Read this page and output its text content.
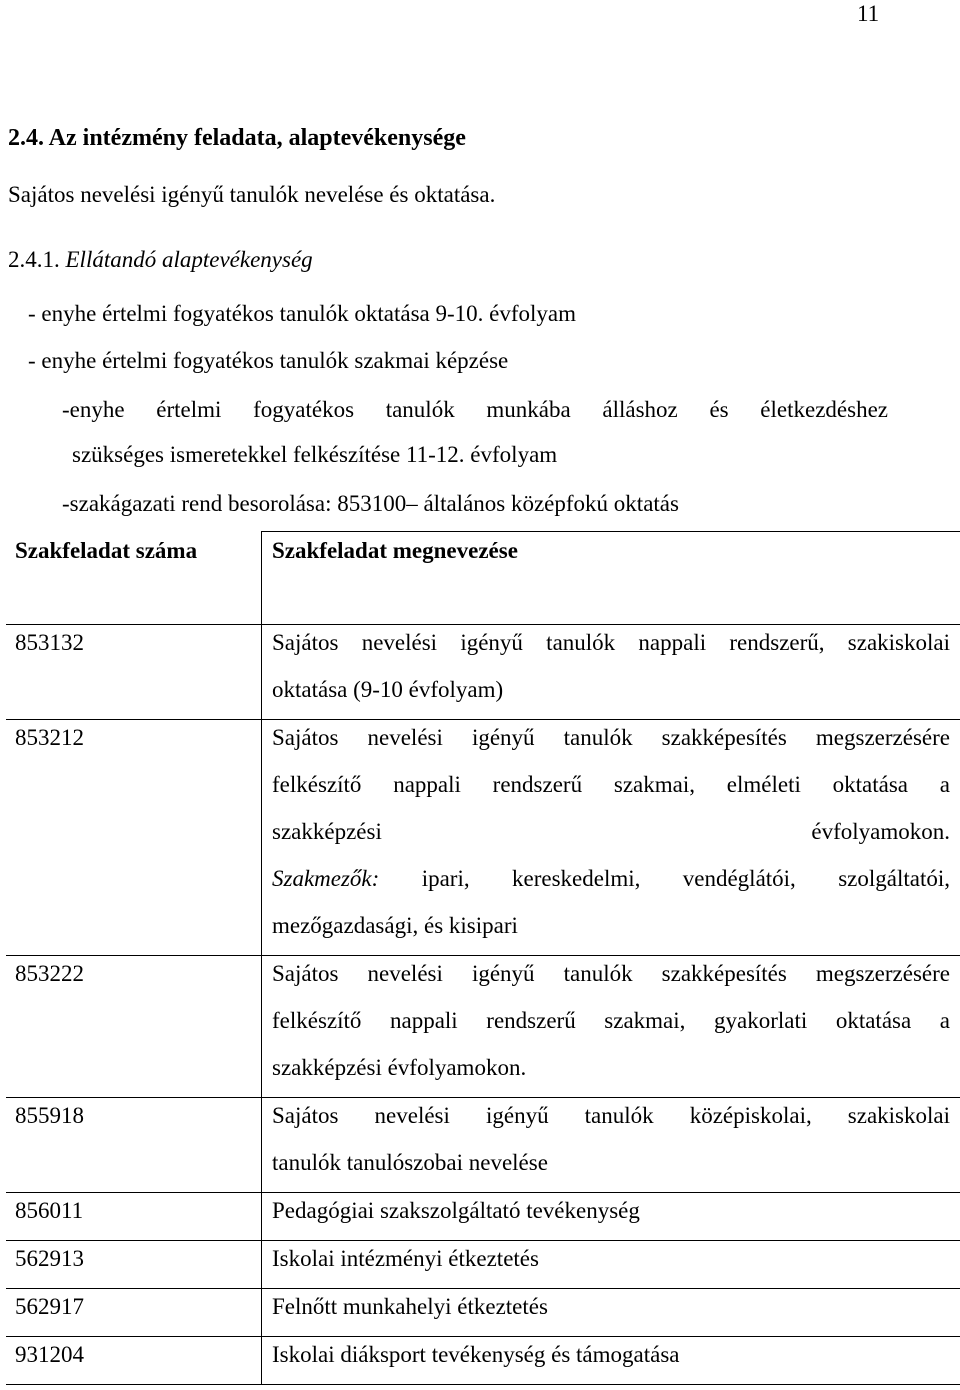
11
2.4. Az intézmény feladata, alaptevékenysége
Sajátos nevelési igényű tanulók nevelése és oktatása.
2.4.1. Ellátandó alaptevékenység
- enyhe értelmi fogyatékos tanulók oktatása 9-10. évfolyam
- enyhe értelmi fogyatékos tanulók szakmai képzése
-enyhe értelmi fogyatékos tanulók munkába álláshoz és életkezdéshez
szükséges ismeretekkel felkészítése 11-12. évfolyam
-szakágazati rend besorolása: 853100– általános középfokú oktatás
Szakfeladat száma	Szakfeladat megnevezése

853132	Sajátos nevelési igényű tanulók nappali rendszerű, szakiskolai
oktatása (9-10 évfolyam)

853212	Sajátos nevelési igényű tanulók szakképesítés megszerzésére
felkészítő nappali rendszerű szakmai, elméleti oktatása a
szakképzési évfolyamokon.
Szakmezők: ipari, kereskedelmi, vendéglátói, szolgáltatói,
mezőgazdasági, és kisipari

853222	Sajátos nevelési igényű tanulók szakképesítés megszerzésére
felkészítő nappali rendszerű szakmai, gyakorlati oktatása a
szakképzési évfolyamokon.

855918	Sajátos nevelési igényű tanulók középiskolai, szakiskolai
tanulók tanulószobai nevelése

856011	Pedagógiai szakszolgáltató tevékenység

562913	Iskolai intézményi étkeztetés

562917	Felnőtt munkahelyi étkeztetés

931204	Iskolai diáksport tevékenység és támogatása
